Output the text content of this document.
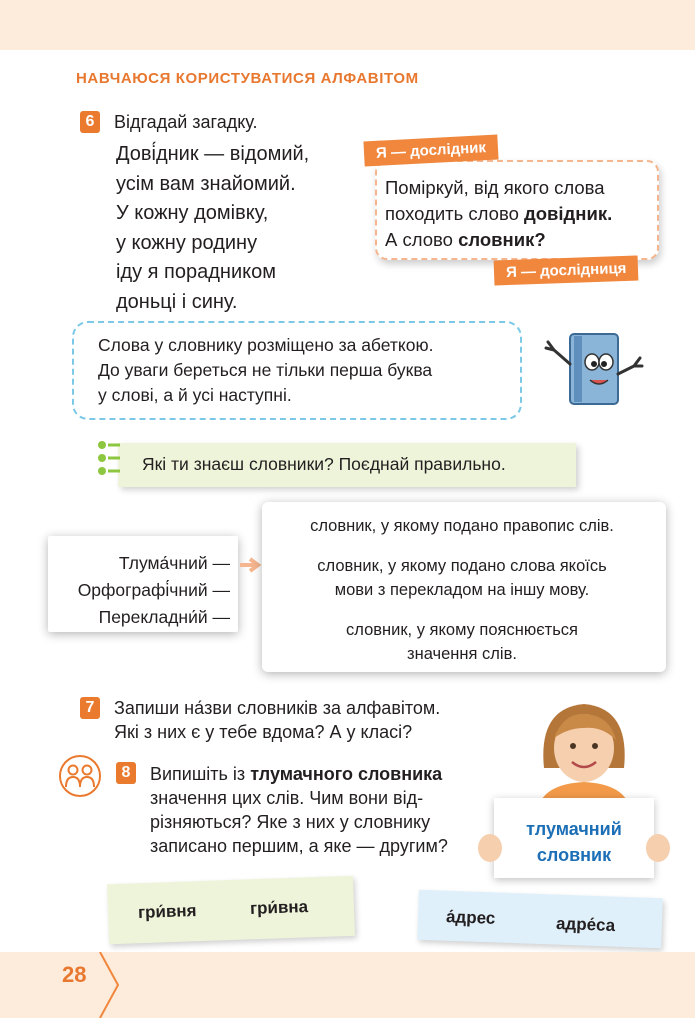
НАВЧАЮСЯ КОРИСТУВАТИСЯ АЛФАВІТОМ
6	Відгадай загадку.
Дові́дник — відомий,
усім вам знайомий.
У кожну домівку,
у кожну родину
іду я порадником
доньці і сину.
Я — дослідник
Поміркуй, від якого слова
походить слово довідник.
А слово словник?
Я — дослідниця
Слова у словнику розміщено за абеткою.
До уваги береться не тільки перша буква
у слові, а й усі наступні.
Які ти знаєш словники? Поєднай правильно.
Тлума́чний —
Орфографі́чний —
Перекладни́й —
словник, у якому подано правопис слів.
словник, у якому подано слова якоїсь
мови з перекладом на іншу мову.
словник, у якому пояснюється
значення слів.
7	Запиши на́зви словників за алфавітом.
Які з них є у тебе вдома? А у класі?
8	Випишіть із тлумачного словника
значення цих слів. Чим вони від-
різняються? Яке з них у словнику
записано першим, а яке — другим?
тлумачний
словник
гри́вня	гри́вна	а́дрес	адре́са
28
